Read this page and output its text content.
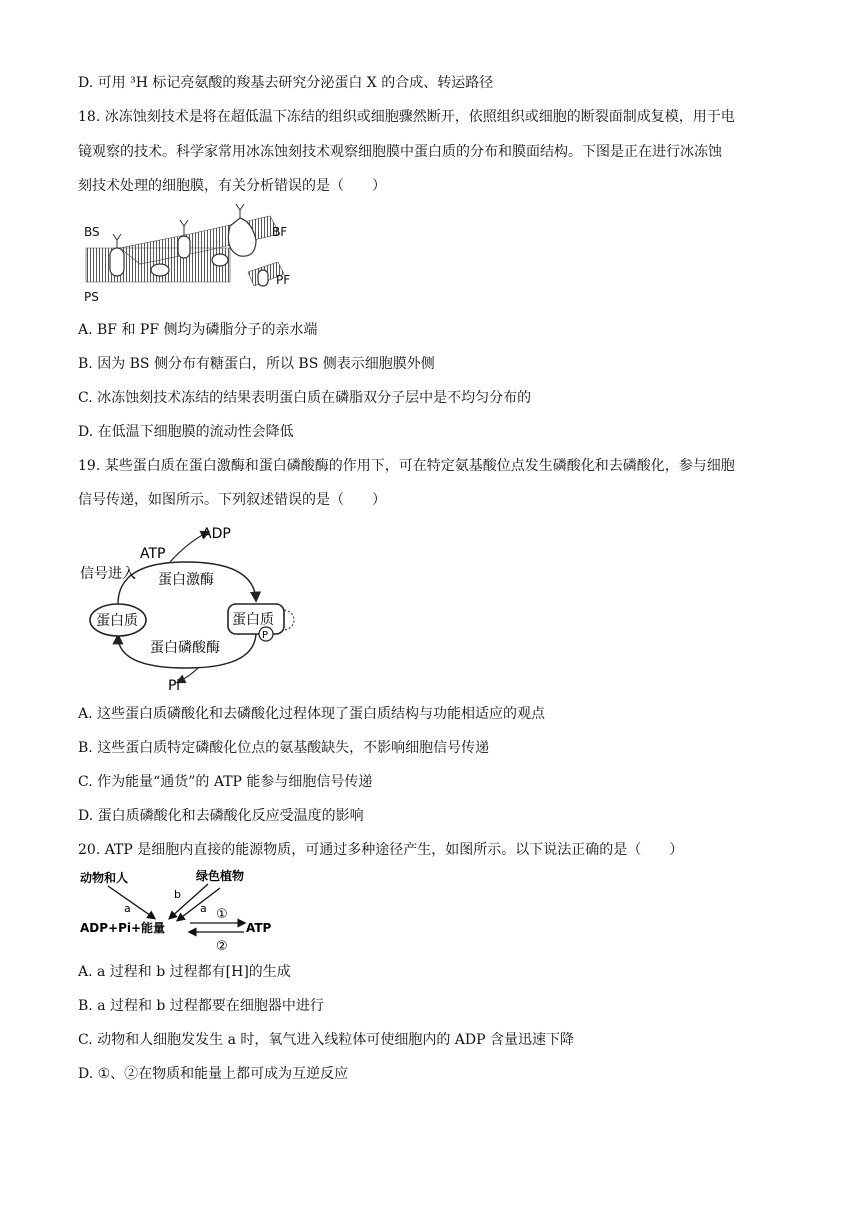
D. 可用 ³H 标记亮氨酸的羧基去研究分泌蛋白 X 的合成、转运路径
18. 冰冻蚀刻技术是将在超低温下冻结的组织或细胞骤然断开，依照组织或细胞的断裂面制成复模，用于电
镜观察的技术。科学家常用冰冻蚀刻技术观察细胞膜中蛋白质的分布和膜面结构。下图是正在进行冰冻蚀
刻技术处理的细胞膜，有关分析错误的是（　　）
BS
PS
BF
PF
A. BF 和 PF 侧均为磷脂分子的亲水端
B. 因为 BS 侧分布有糖蛋白，所以 BS 侧表示细胞膜外侧
C. 冰冻蚀刻技术冻结的结果表明蛋白质在磷脂双分子层中是不均匀分布的
D. 在低温下细胞膜的流动性会降低
19. 某些蛋白质在蛋白激酶和蛋白磷酸酶的作用下，可在特定氨基酸位点发生磷酸化和去磷酸化，参与细胞
信号传递，如图所示。下列叙述错误的是（　　）
ADP
ATP
信号进入 蛋白激酶
蛋白质	蛋白质
P
蛋白磷酸酶
Pi
A. 这些蛋白质磷酸化和去磷酸化过程体现了蛋白质结构与功能相适应的观点
B. 这些蛋白质特定磷酸化位点的氨基酸缺失，不影响细胞信号传递
C. 作为能量“通货”的 ATP 能参与细胞信号传递
D. 蛋白质磷酸化和去磷酸化反应受温度的影响
20. ATP 是细胞内直接的能源物质，可通过多种途径产生，如图所示。以下说法正确的是（　　）
动物和人	绿色植物
a
b
a ①
②
ADP+Pi+能量	ATP
A. a 过程和 b 过程都有[H]的生成
B. a 过程和 b 过程都要在细胞器中进行
C. 动物和人细胞发发生 a 时，氧气进入线粒体可使细胞内的 ADP 含量迅速下降
D. ①、②在物质和能量上都可成为互逆反应
